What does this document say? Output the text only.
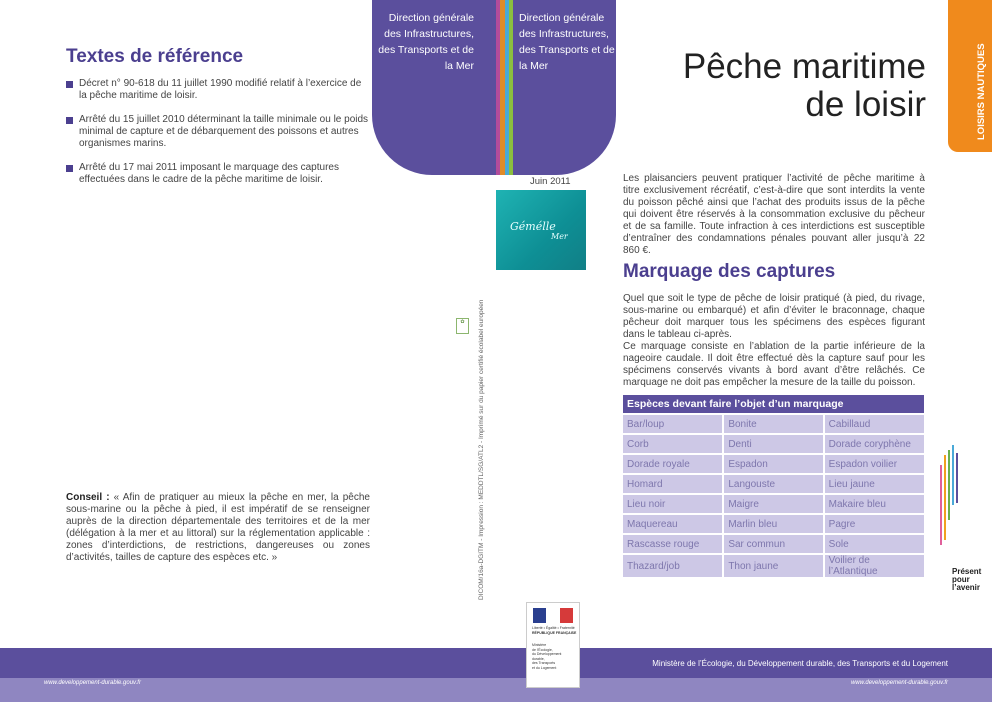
Textes de référence
Décret n° 90-618 du 11 juillet 1990 modifié relatif à l’exercice de la pêche maritime de loisir.
Arrêté du 15 juillet 2010 déterminant la taille minimale ou le poids minimal de capture et de débarquement des poissons et autres organismes marins.
Arrêté du 17 mai 2011 imposant le marquage des captures effectuées dans le cadre de la pêche maritime de loisir.
Conseil : « Afin de pratiquer au mieux la pêche en mer, la pêche sous-marine ou la pêche à pied, il est impératif de se renseigner auprès de la direction départementale des territoires et de la mer (délégation à la mer et au littoral) sur la réglementation applicable : zones d’interdictions, de restrictions, dangereuses ou zones d’activités, tailles de capture des espèces etc. »
Direction générale des Infrastructures, des Transports et de la Mer
Direction générale des Infrastructures, des Transports et de la Mer
Juin 2011
Gémélle
Mer
✿	DICOM/16a-DGITM - Impression : MEDDTL/SG/ATL2 - Imprimé sur du papier certifié écolabel européen
Pêche maritime
de loisir	LOISIRS NAUTIQUES
Les plaisanciers peuvent pratiquer l’activité de pêche maritime à titre exclusivement récréatif, c’est-à-dire que sont interdits la vente du poisson pêché ainsi que l’achat des produits issus de la pêche qui doivent être réservés à la consommation exclusive du pêcheur et de sa famille. Toute infraction à ces interdictions est susceptible d’entraîner des condamnations pénales pouvant aller jusqu’à 22 860 €.
Marquage des captures
Quel que soit le type de pêche de loisir pratiqué (à pied, du rivage, sous-marine ou embarqué) et afin d’éviter le braconnage, chaque pêcheur doit marquer tous les spécimens des espèces figurant dans le tableau ci-après.
Ce marquage consiste en l’ablation de la partie inférieure de la nageoire caudale. Il doit être effectué dès la capture sauf pour les spécimens conservés vivants à bord avant d’être relâchés. Ce marquage ne doit pas empêcher la mesure de la taille du poisson.
Espèces devant faire l’objet d’un marquage		
Bar/loup	Bonite	Cabillaud
Corb	Denti	Dorade coryphène
Dorade royale	Espadon	Espadon voilier
Homard	Langouste	Lieu jaune
Lieu noir	Maigre	Makaire bleu
Maquereau	Marlin bleu	Pagre
Rascasse rouge	Sar commun	Sole
Thazard/job	Thon jaune	Voilier de l’Atlantique	Présent
pour
l’avenir
Ministère de l’Écologie, du Développement durable, des Transports et du Logement
www.developpement-durable.gouv.fr	www.developpement-durable.gouv.fr
Liberté • Égalité • Fraternité
RÉPUBLIQUE FRANÇAISE
Ministère
de l’Écologie,
du Développement
durable,
des Transports
et du Logement
